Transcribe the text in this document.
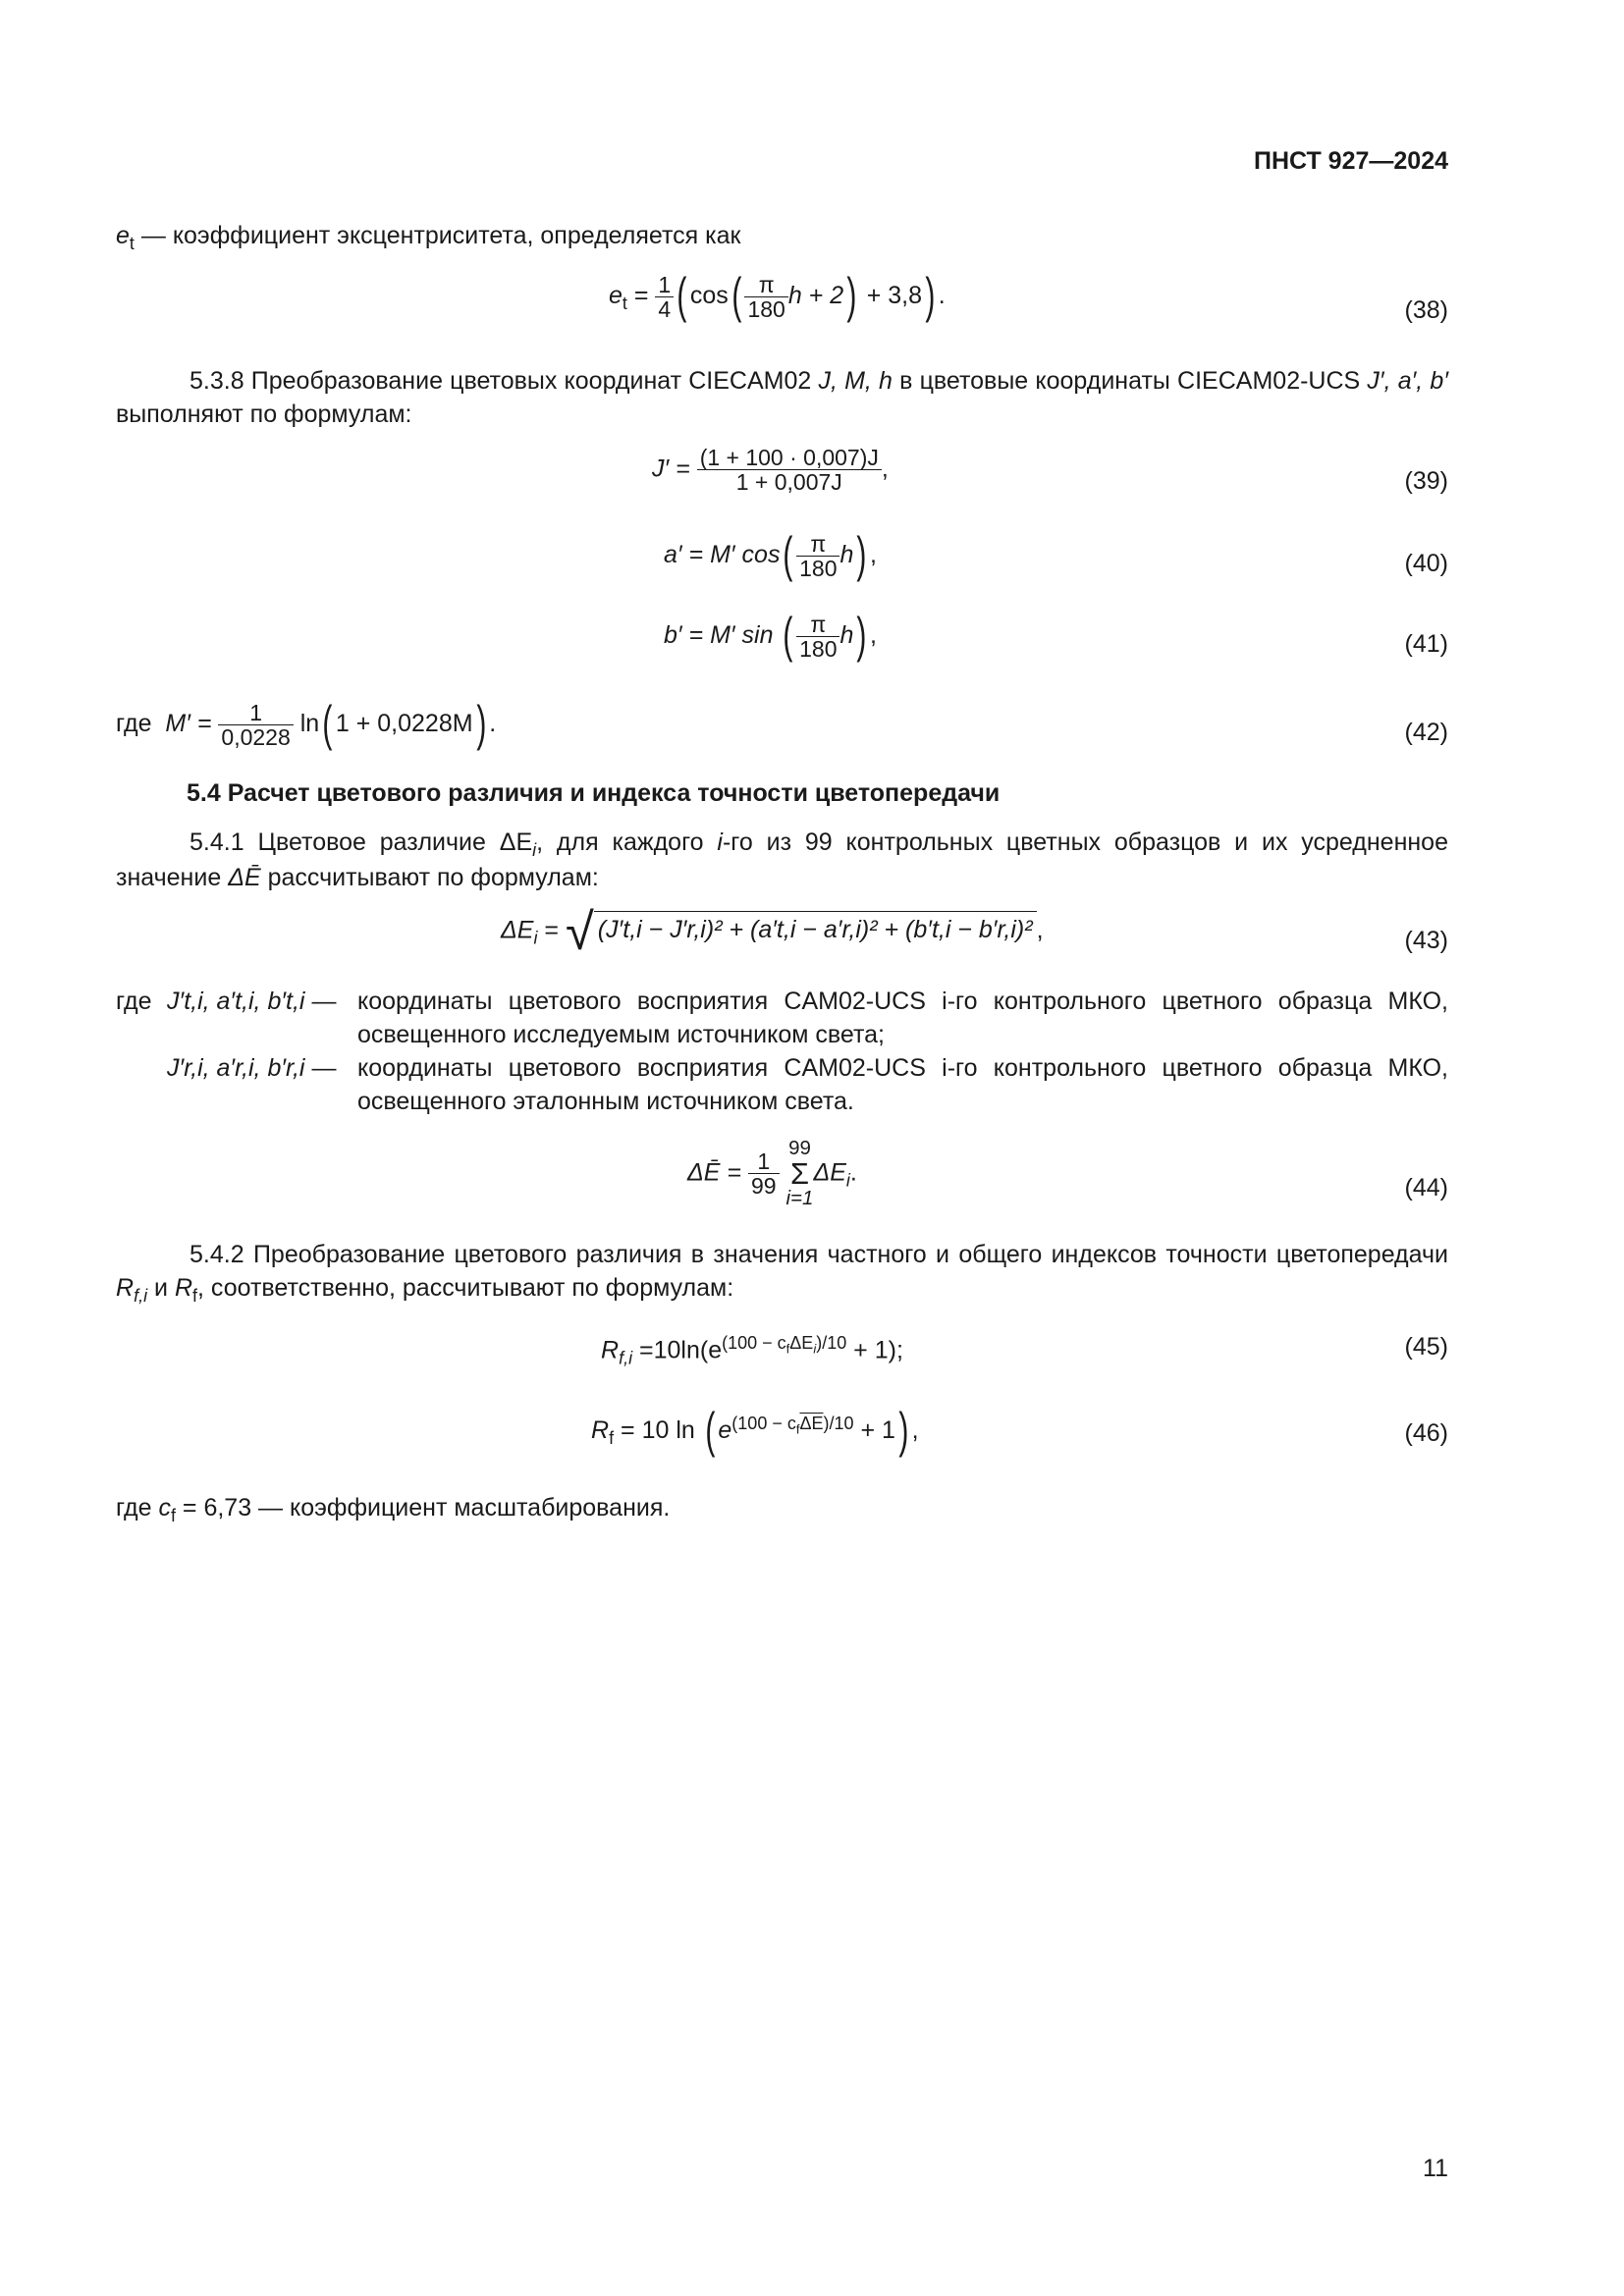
ПНСТ 927—2024
$e_t$ — коэффициент эксцентриситета, определяется как
$e_t = \frac{1}{4}$ ( $\cos( \frac{\pi}{180}$ h + 2) + 3,8) .
(38)
5.3.8 Преобразование цветовых координат CIECAM02 J, M, h в цветовые координаты CIECAM02-UCS J′, a′, b′ выполняют по формулам:
$J' = \frac{(1 + 100 \cdot 0,007)J}{1 + 0,007J}$ ,	(39)
a′ = M′ $\cos( \frac{\pi}{180} h)$ ,	(40)
b′ = M′ sin ( $\frac{\pi}{180} h$) ,	(41)
где $M' = \frac{1}{0,0228} \ln$( 1 + 0,0228M) .	(42)
5.4 Расчет цветового различия и индекса точности цветопередачи
5.4.1 Цветовое различие $\Delta E_i$, для каждого i-го из 99 контрольных цветных образцов и их усредненное значение ΔĒ рассчитывают по формулам:
$\Delta E_i$ = √ (J′t,i − J′r,i)² + (a′t,i − a′r,i)² + (b′t,i − b′r,i)² ,	(43)
где J′t,i, a′t,i, b′t,i — координаты цветового восприятия CAM02-UCS i-го контрольного цветного образца МКО, освещенного исследуемым источником света;
J′r,i, a′r,i, b′r,i — координаты цветового восприятия CAM02-UCS i-го контрольного цветного образца МКО, освещенного эталонным источником света.
ΔĒ = $\frac{1}{99}$
99
Σ
$i=1\Delta E_i$.
(44)
5.4.2 Преобразование цветового различия в значения частного и общего индексов точности цветопередачи $R_{f,i}$ и $R_f$, соответственно, рассчитывают по формулам:
$R_{f,i} =10\ln(e^{(100 - c_f\Delta E_i)/10} + 1)$;	(45)
$R_f = 10$ ln ( $e^{(100 - c_f\overline{\Delta E})/10} + 1$) ,	(46)
где $c_f = 6,73$ — коэффициент масштабирования.
11
